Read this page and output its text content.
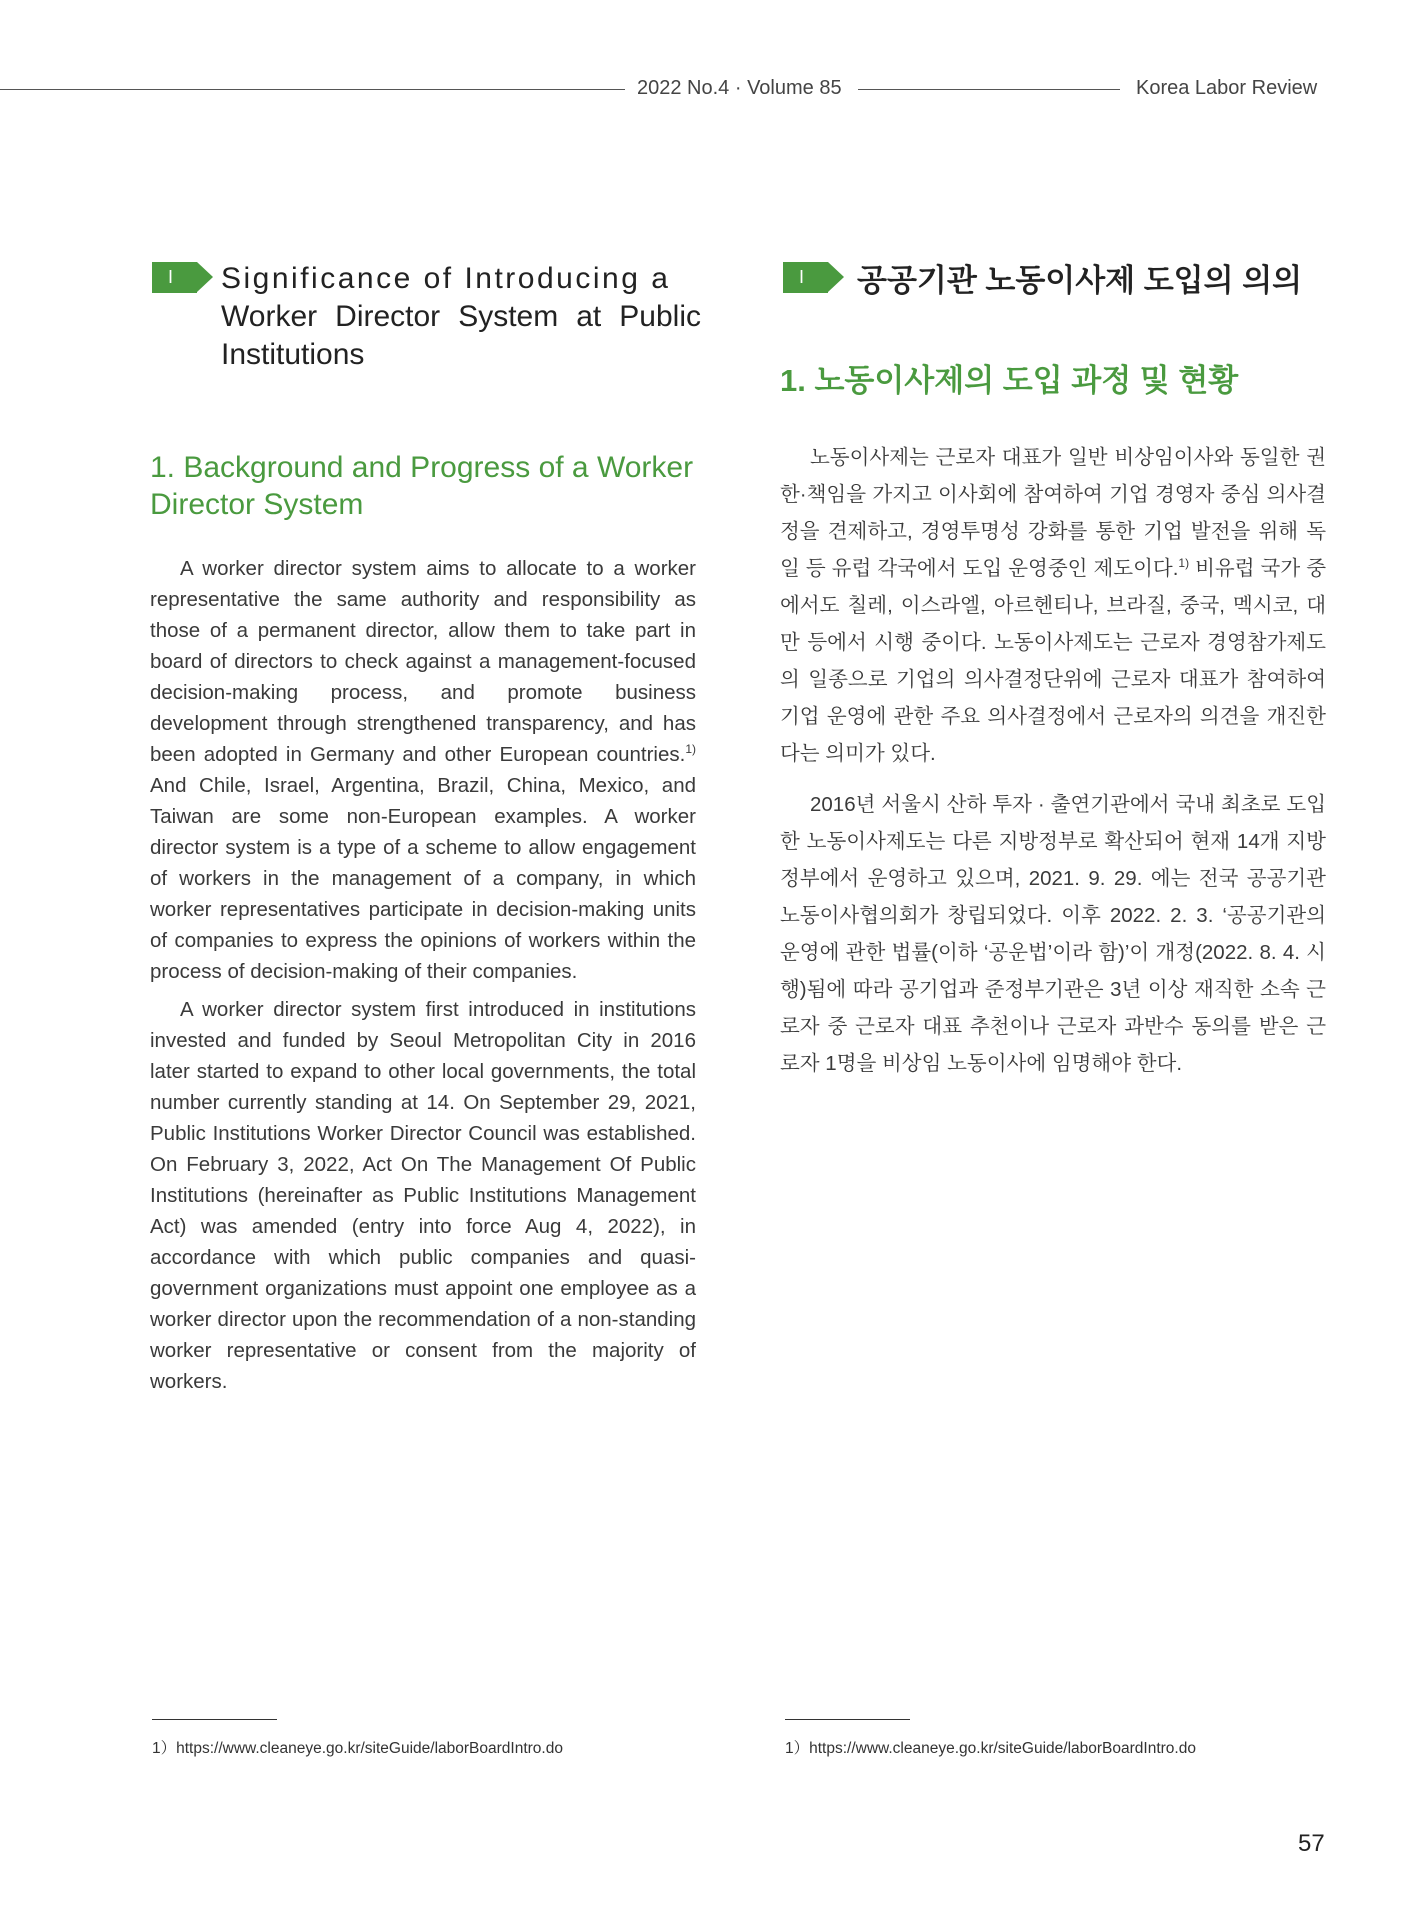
2022 No.4 · Volume 85	Korea Labor Review
I Significance of Introducing a
Worker Director System at Public Institutions
1. Background and Progress of a Worker Director System

A worker director system aims to allocate to a worker representative the same authority and responsibility as those of a permanent director, allow them to take part in board of directors to check against a management-focused decision-making process, and promote business development through strengthened transparency, and has been adopted in Germany and other European countries.$^{1)}$ And Chile, Israel, Argentina, Brazil, China, Mexico, and Taiwan are some non-European examples. A worker director system is a type of a scheme to allow engagement of workers in the management of a company, in which worker representatives participate in decision-making units of companies to express the opinions of workers within the process of decision-making of their companies.

A worker director system first introduced in institutions invested and funded by Seoul Metropolitan City in 2016 later started to expand to other local governments, the total number currently standing at 14. On September 29, 2021, Public Institutions Worker Director Council was established. On February 3, 2022, Act On The Management Of Public Institutions (hereinafter as Public Institutions Management Act) was amended (entry into force Aug 4, 2022), in accordance with which public companies and quasi-government organizations must appoint one employee as a worker director upon the recommendation of a non-standing worker representative or consent from the majority of workers.

1）https://www.cleaneye.go.kr/siteGuide/laborBoardIntro.do
I 공공기관 노동이사제 도입의 의의
1. 노동이사제의 도입 과정 및 현황

노동이사제는 근로자 대표가 일반 비상임이사와 동일한 권한·책임을 가지고 이사회에 참여하여 기업 경영자 중심 의사결정을 견제하고, 경영투명성 강화를 통한 기업 발전을 위해 독일 등 유럽 각국에서 도입 운영중인 제도이다.$^{1)}$ 비유럽 국가 중에서도 칠레, 이스라엘, 아르헨티나, 브라질, 중국, 멕시코, 대만 등에서 시행 중이다. 노동이사제도는 근로자 경영참가제도의 일종으로 기업의 의사결정단위에 근로자 대표가 참여하여 기업 운영에 관한 주요 의사결정에서 근로자의 의견을 개진한다는 의미가 있다.

2016년 서울시 산하 투자 · 출연기관에서 국내 최초로 도입한 노동이사제도는 다른 지방정부로 확산되어 현재 14개 지방정부에서 운영하고 있으며, 2021. 9. 29. 에는 전국 공공기관 노동이사협의회가 창립되었다. 이후 2022. 2. 3. ‘공공기관의 운영에 관한 법률(이하 ‘공운법’이라 함)’이 개정(2022. 8. 4. 시행)됨에 따라 공기업과 준정부기관은 3년 이상 재직한 소속 근로자 중 근로자 대표 추천이나 근로자 과반수 동의를 받은 근로자 1명을 비상임 노동이사에 임명해야 한다.

1）https://www.cleaneye.go.kr/siteGuide/laborBoardIntro.do
57
